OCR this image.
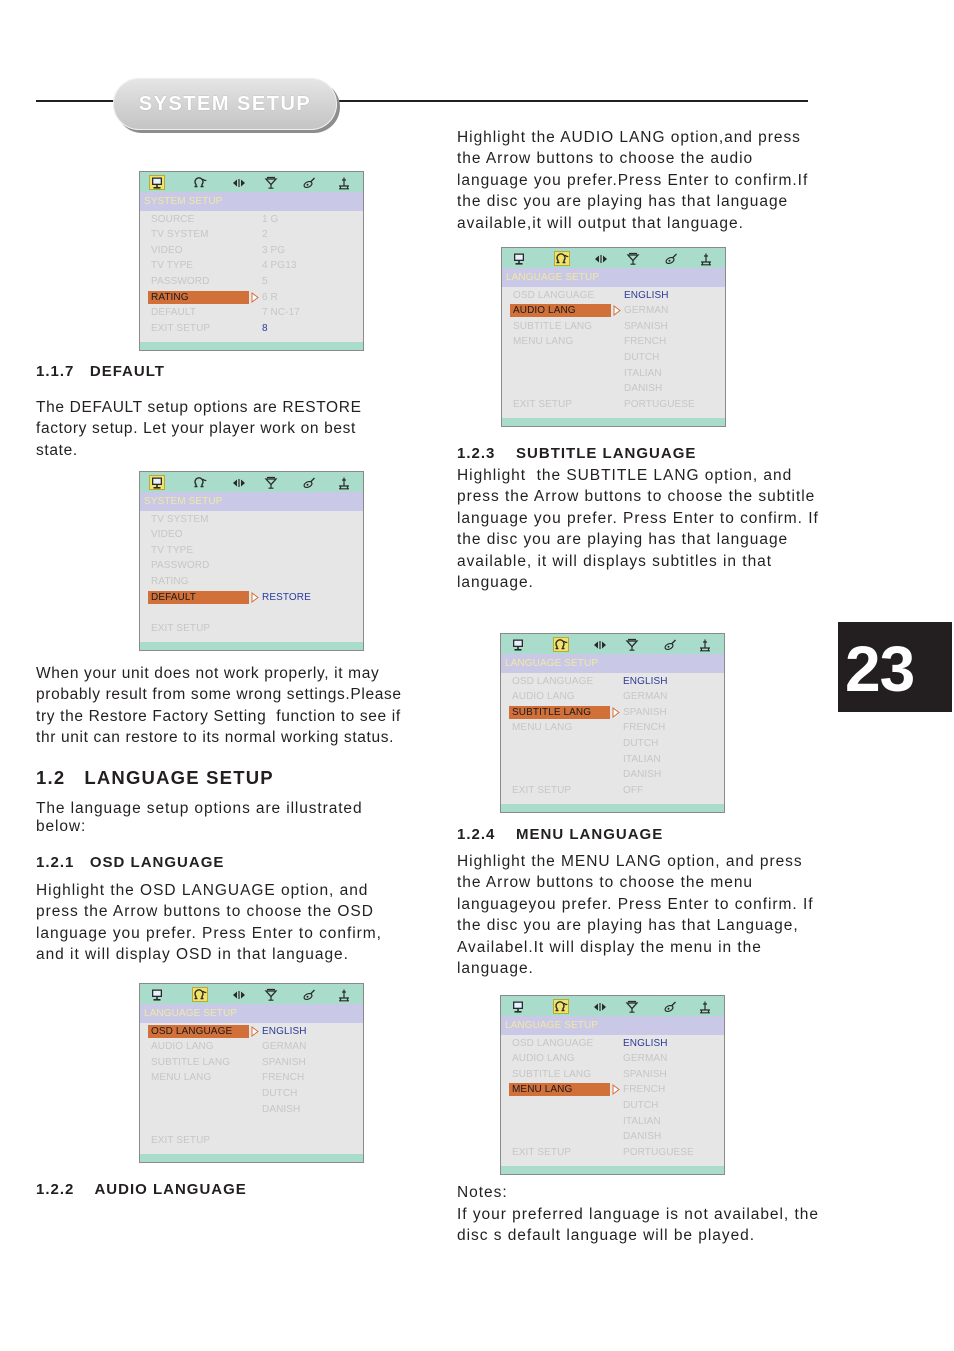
SYSTEM SETUP
SYSTEM SETUP
SOURCE
TV SYSTEM
VIDEO
TV TYPE
PASSWORD
RATING
DEFAULT
EXIT SETUP
1 G
2
3 PG
4 PG13
5
6 R
7 NC-17
8
1.1.7   DEFAULT
The DEFAULT setup options are RESTORE
factory setup. Let your player work on best
state.
SYSTEM SETUP
TV SYSTEM
VIDEO
TV TYPE
PASSWORD
RATING
DEFAULT
EXIT SETUP
RESTORE
When your unit does not work properly, it may
probably result from some wrong settings.Please
try the Restore Factory Setting  function to see if
thr unit can restore to its normal working status.
1.2   LANGUAGE SETUP
The language setup options are illustrated
below:
1.2.1   OSD LANGUAGE
Highlight the OSD LANGUAGE option, and
press the Arrow buttons to choose the OSD
language you prefer. Press Enter to confirm,
and it will display OSD in that language.
LANGUAGE SETUP
OSD LANGUAGE
AUDIO LANG
SUBTITLE LANG
MENU LANG
EXIT SETUP
ENGLISH
GERMAN
SPANISH
FRENCH
DUTCH
DANISH
1.2.2    AUDIO LANGUAGE
Highlight the AUDIO LANG option,and press
the Arrow buttons to choose the audio
language you prefer.Press Enter to confirm.If
the disc you are playing has that language
available,it will output that language.
LANGUAGE SETUP
OSD LANGUAGE
AUDIO LANG
SUBTITLE LANG
MENU LANG
EXIT SETUP
ENGLISH
GERMAN
SPANISH
FRENCH
DUTCH
ITALIAN
DANISH
PORTUGUESE
1.2.3    SUBTITLE LANGUAGE
Highlight  the SUBTITLE LANG option, and
press the Arrow buttons to choose the subtitle
language you prefer. Press Enter to confirm. If
the disc you are playing has that language
available, it will displays subtitles in that
language.
LANGUAGE SETUP
OSD LANGUAGE
AUDIO LANG
SUBTITLE LANG
MENU LANG
EXIT SETUP
ENGLISH
GERMAN
SPANISH
FRENCH
DUTCH
ITALIAN
DANISH
OFF
1.2.4    MENU LANGUAGE
Highlight the MENU LANG option, and press
the Arrow buttons to choose the menu
languageyou prefer. Press Enter to confirm. If
the disc you are playing has that Language,
Availabel.It will display the menu in the
language.
LANGUAGE SETUP
OSD LANGUAGE
AUDIO LANG
SUBTITLE LANG
MENU LANG
EXIT SETUP
ENGLISH
GERMAN
SPANISH
FRENCH
DUTCH
ITALIAN
DANISH
PORTUGUESE
Notes:
If your preferred language is not availabel, the
disc s default language will be played.
23
